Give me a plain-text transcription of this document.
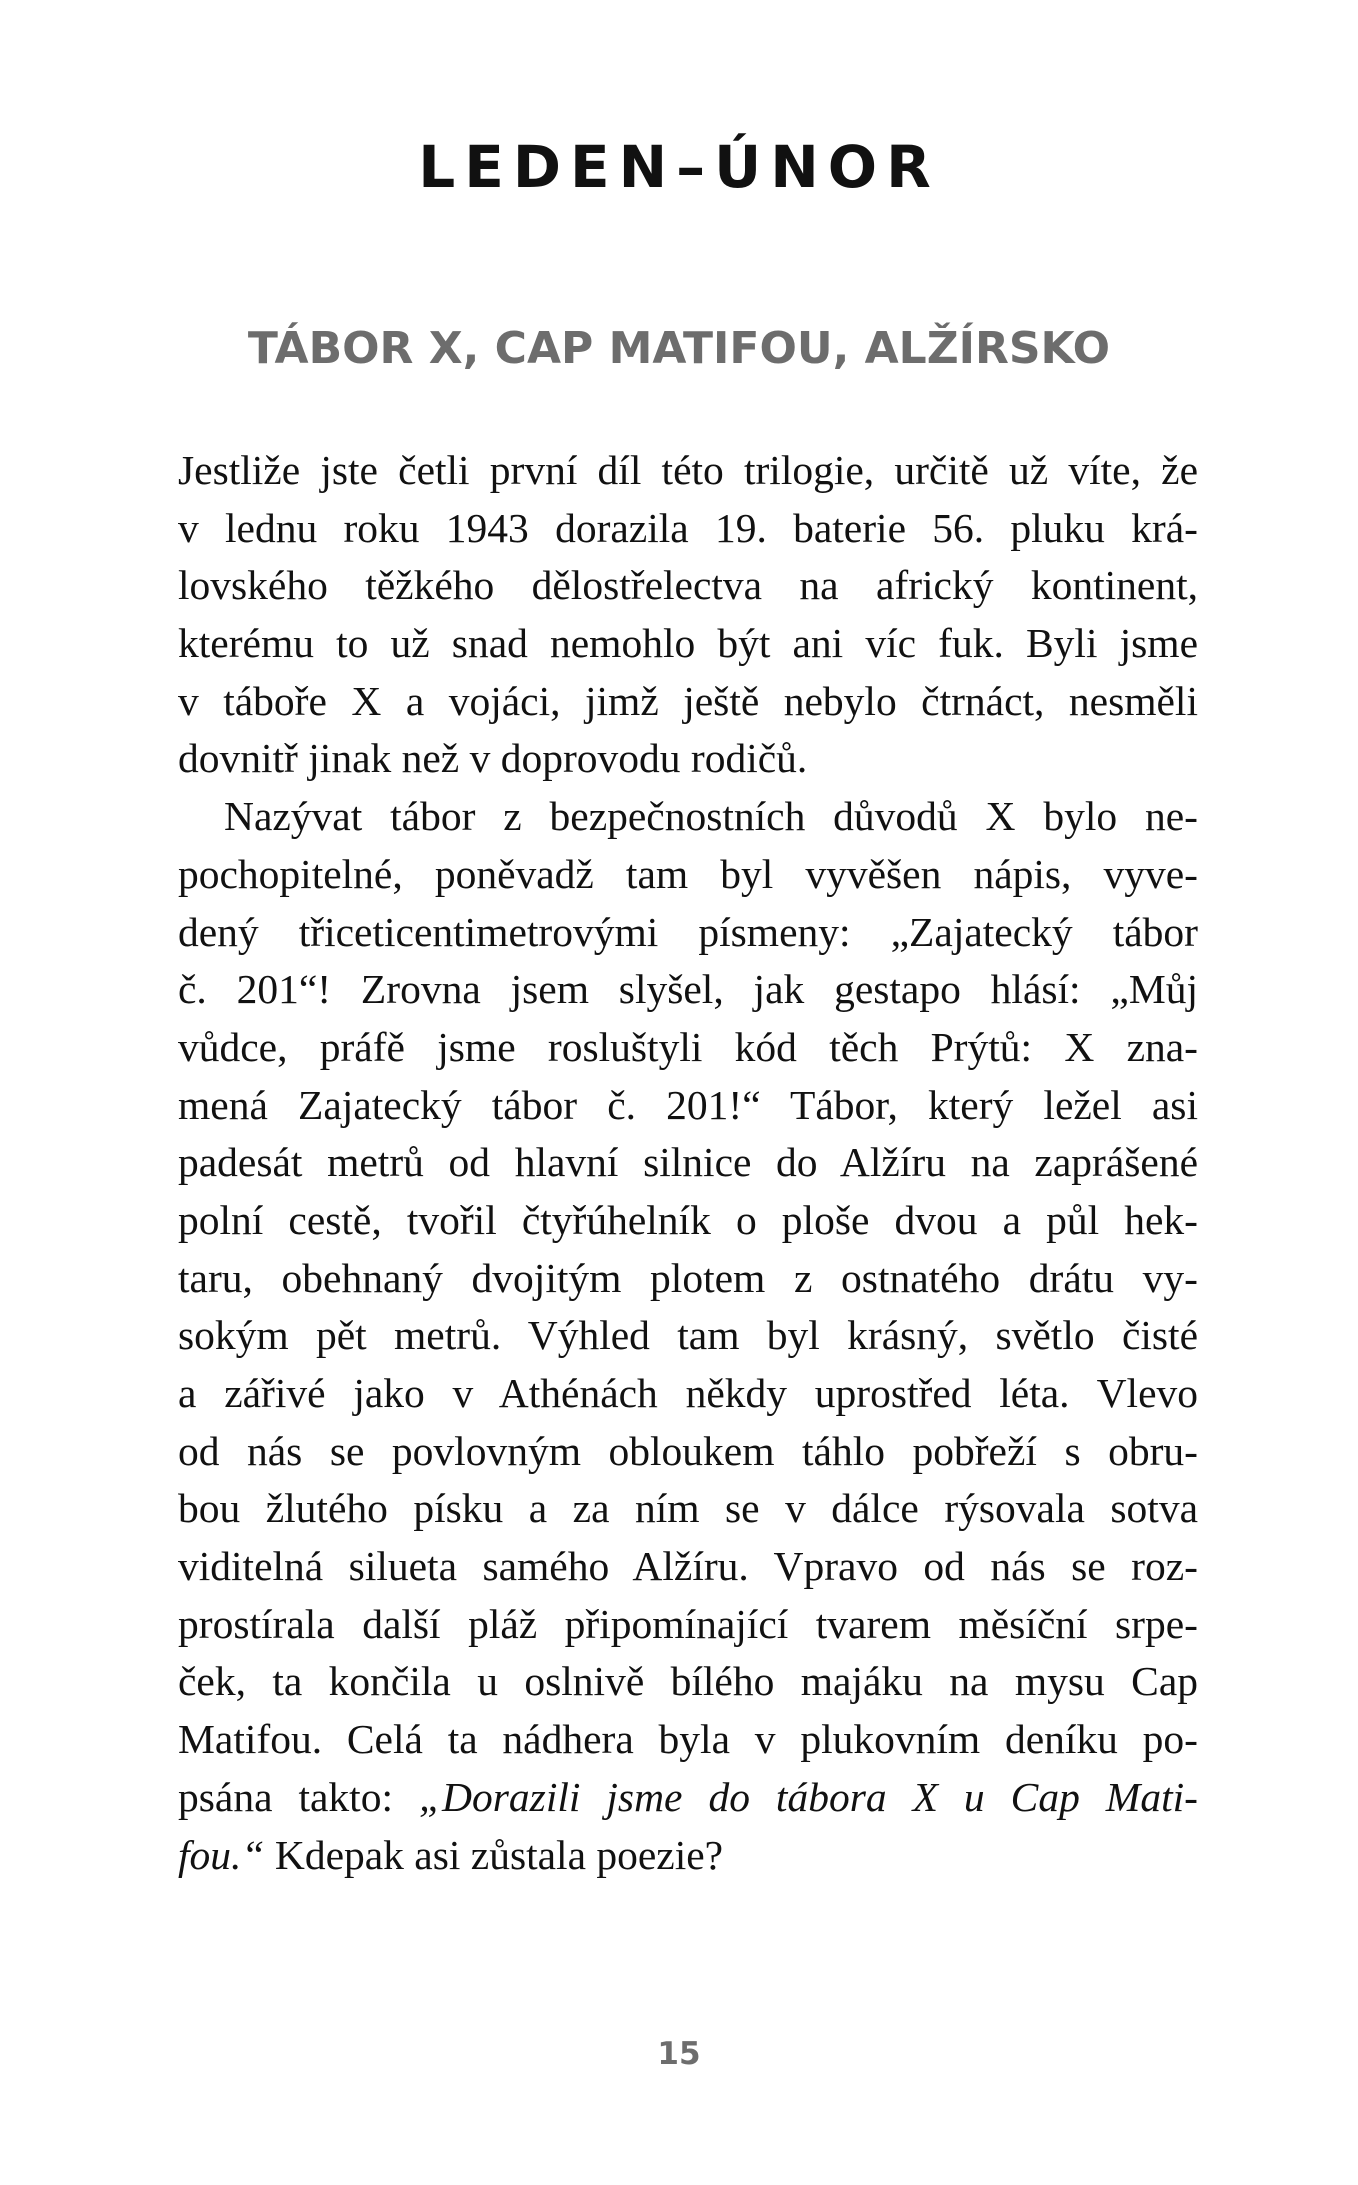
LEDEN–ÚNOR
TÁBOR X, CAP MATIFOU, ALŽÍRSKO
Jestliže jste četli první díl této trilogie, určitě už víte, že
v lednu roku 1943 dorazila 19. baterie 56. pluku krá-
lovského těžkého dělostřelectva na africký kontinent,
kterému to už snad nemohlo být ani víc fuk. Byli jsme
v táboře X a vojáci, jimž ještě nebylo čtrnáct, nesměli
dovnitř jinak než v doprovodu rodičů.
Nazývat tábor z bezpečnostních důvodů X bylo ne-
pochopitelné, poněvadž tam byl vyvěšen nápis, vyve-
dený třiceticentimetrovými písmeny: „Zajatecký tábor
č. 201“! Zrovna jsem slyšel, jak gestapo hlásí: „Můj
vůdce, práfě jsme rosluštyli kód těch Prýtů: X zna-
mená Zajatecký tábor č. 201!“ Tábor, který ležel asi
padesát metrů od hlavní silnice do Alžíru na zaprášené
polní cestě, tvořil čtyřúhelník o ploše dvou a půl hek-
taru, obehnaný dvojitým plotem z ostnatého drátu vy-
sokým pět metrů. Výhled tam byl krásný, světlo čisté
a zářivé jako v Athénách někdy uprostřed léta. Vlevo
od nás se povlovným obloukem táhlo pobřeží s obru-
bou žlutého písku a za ním se v dálce rýsovala sotva
viditelná silueta samého Alžíru. Vpravo od nás se roz-
prostírala další pláž připomínající tvarem měsíční srpe-
ček, ta končila u oslnivě bílého majáku na mysu Cap
Matifou. Celá ta nádhera byla v plukovním deníku po-
psána takto: „Dorazili jsme do tábora X u Cap Mati-
fou.“ Kdepak asi zůstala poezie?
15
